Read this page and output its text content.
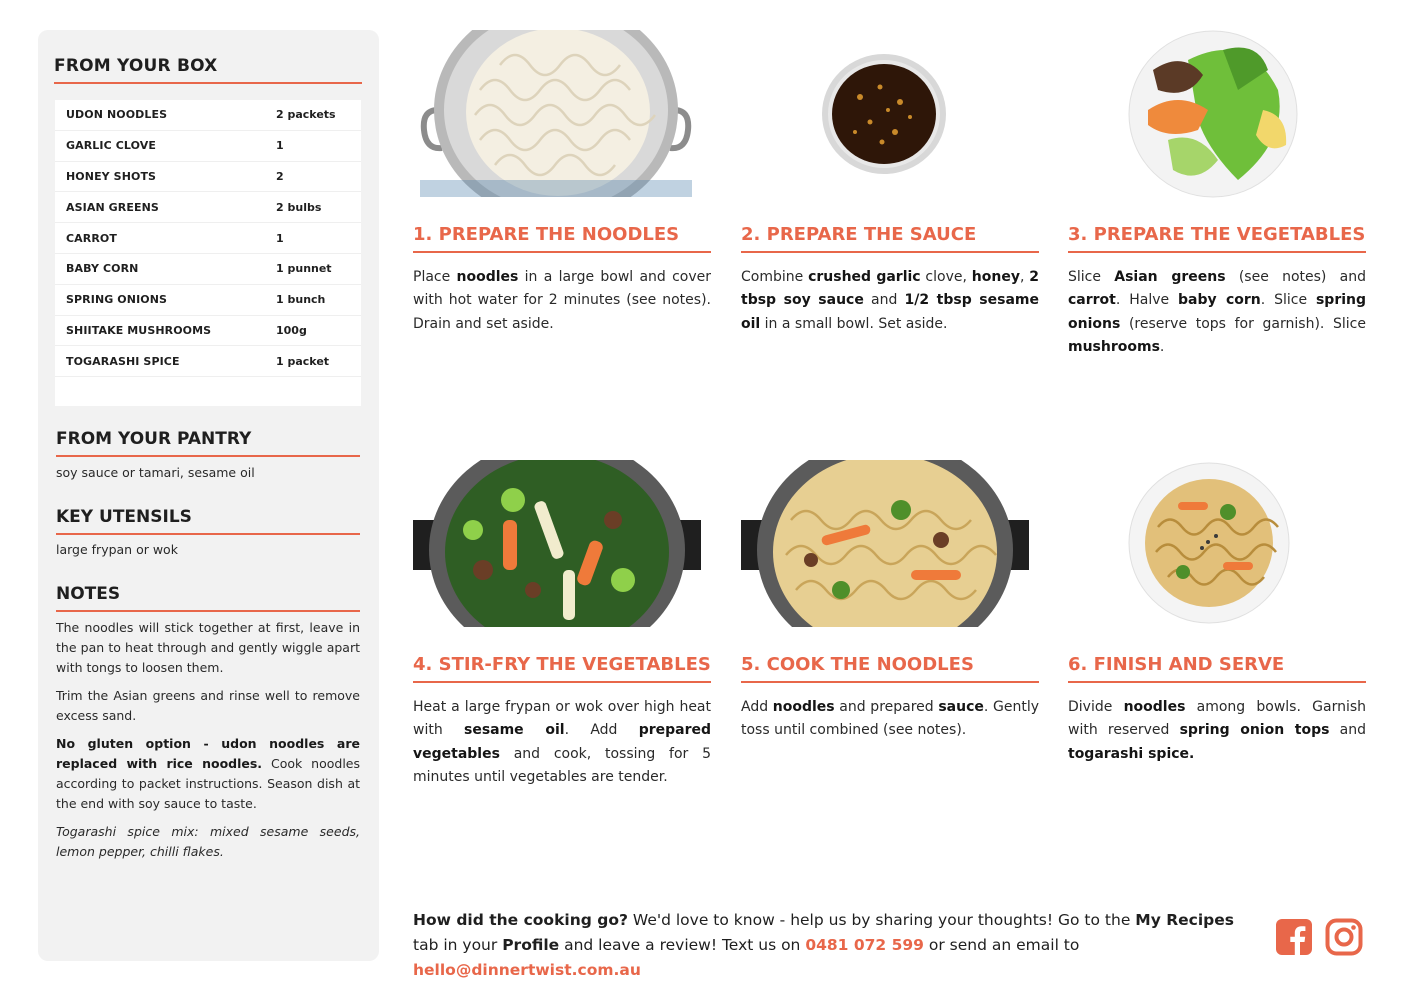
FROM YOUR BOX
UDON NOODLES	2 packets
GARLIC CLOVE	1
HONEY SHOTS	2
ASIAN GREENS	2 bulbs
CARROT	1
BABY CORN	1 punnet
SPRING ONIONS	1 bunch
SHIITAKE MUSHROOMS	100g
TOGARASHI SPICE	1 packet
FROM YOUR PANTRY
soy sauce or tamari, sesame oil
KEY UTENSILS
large frypan or wok
NOTES

The noodles will stick together at first, leave in the pan to heat through and gently wiggle apart with tongs to loosen them.

Trim the Asian greens and rinse well to remove excess sand.

No gluten option - udon noodles are replaced with rice noodles. Cook noodles according to packet instructions. Season dish at the end with soy sauce to taste.

Togarashi spice mix: mixed sesame seeds, lemon pepper, chilli flakes.

1. PREPARE THE NOODLES
Place noodles in a large bowl and cover with hot water for 2 minutes (see notes). Drain and set aside.
2. PREPARE THE SAUCE
Combine crushed garlic clove, honey, 2 tbsp soy sauce and 1/2 tbsp sesame oil in a small bowl. Set aside.
3. PREPARE THE VEGETABLES
Slice Asian greens (see notes) and carrot. Halve baby corn. Slice spring onions (reserve tops for garnish). Slice mushrooms.
4. STIR-FRY THE VEGETABLES
Heat a large frypan or wok over high heat with sesame oil. Add prepared vegetables and cook, tossing for 5 minutes until vegetables are tender.
5. COOK THE NOODLES
Add noodles and prepared sauce. Gently toss until combined (see notes).
6. FINISH AND SERVE
Divide noodles among bowls. Garnish with reserved spring onion tops and togarashi spice.
How did the cooking go? We'd love to know - help us by sharing your thoughts! Go to the My Recipes tab in your Profile and leave a review! Text us on 0481 072 599 or send an email to hello@dinnertwist.com.au
